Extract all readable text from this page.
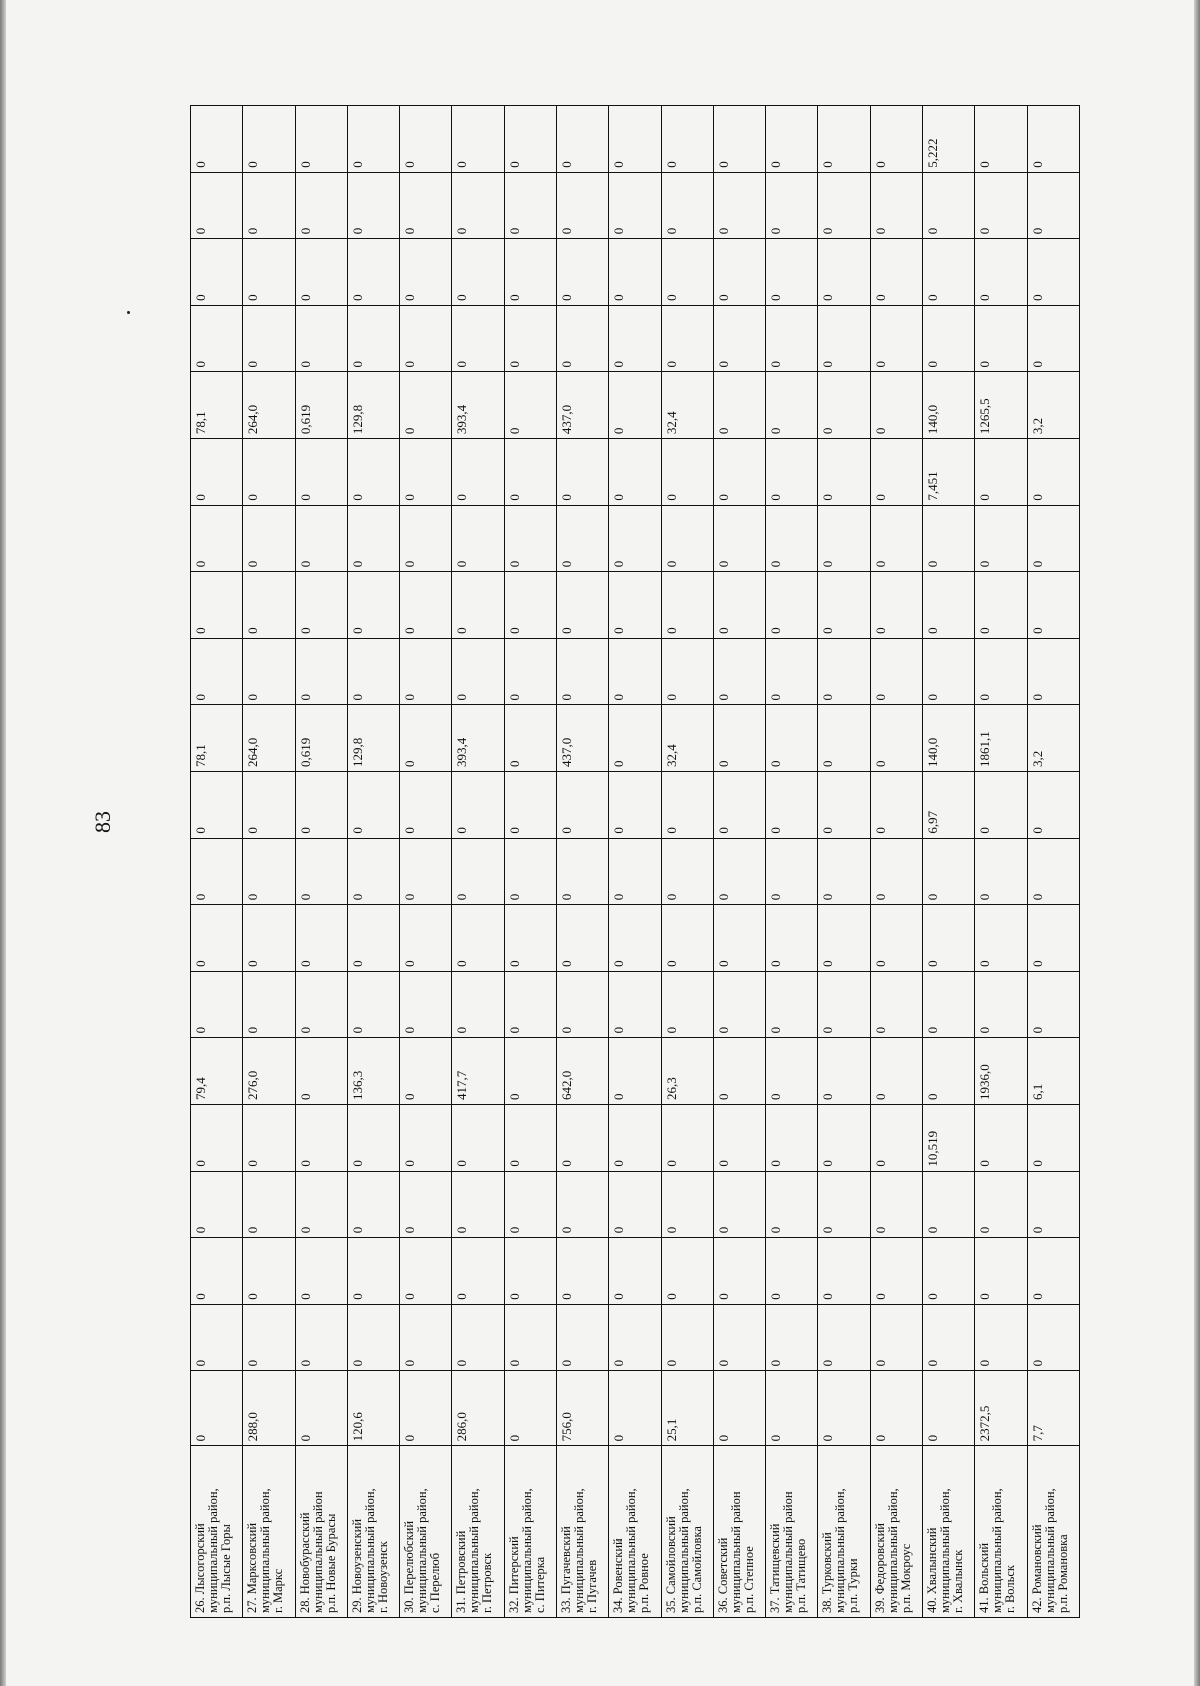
83
26. Лысогорский
муниципальный район,
р.п. Лысые Горы	0	0	0	0	0	79,4	0	0	0	0	78,1	0	0	0	0	78,1	0	0	0	0
27. Марксовский
муниципальный район,
г. Маркс	288,0	0	0	0	0	276,0	0	0	0	0	264,0	0	0	0	0	264,0	0	0	0	0
28. Новобурасский
муниципальный район
р.п. Новые Бурасы	0	0	0	0	0	0	0	0	0	0	0,619	0	0	0	0	0,619	0	0	0	0
29. Новоузенский
муниципальный район,
г. Новоузенск	120,6	0	0	0	0	136,3	0	0	0	0	129,8	0	0	0	0	129,8	0	0	0	0
30. Перелюбский
муниципальный район,
с. Перелюб	0	0	0	0	0	0	0	0	0	0	0	0	0	0	0	0	0	0	0	0
31. Петровский
муниципальный район,
г. Петровск	286,0	0	0	0	0	417,7	0	0	0	0	393,4	0	0	0	0	393,4	0	0	0	0
32. Питерский
муниципальный район,
с. Питерка	0	0	0	0	0	0	0	0	0	0	0	0	0	0	0	0	0	0	0	0
33. Пугачевский
муниципальный район,
г. Пугачев	756,0	0	0	0	0	642,0	0	0	0	0	437,0	0	0	0	0	437,0	0	0	0	0
34. Ровенский
муниципальный район,
р.п. Ровное	0	0	0	0	0	0	0	0	0	0	0	0	0	0	0	0	0	0	0	0
35. Самойловский
муниципальный район,
р.п. Самойловка	25,1	0	0	0	0	26,3	0	0	0	0	32,4	0	0	0	0	32,4	0	0	0	0
36. Советский
муниципальный район
р.п. Степное	0	0	0	0	0	0	0	0	0	0	0	0	0	0	0	0	0	0	0	0
37. Татищевский
муниципальный район
р.п. Татищево	0	0	0	0	0	0	0	0	0	0	0	0	0	0	0	0	0	0	0	0
38. Турковский
муниципальный район,
р.п. Турки	0	0	0	0	0	0	0	0	0	0	0	0	0	0	0	0	0	0	0	0
39. Федоровский
муниципальный район,
р.п. Мокроус	0	0	0	0	0	0	0	0	0	0	0	0	0	0	0	0	0	0	0	0
40. Хвалынский
муниципальный район,
г. Хвалынск	0	0	0	0	10,519	0	0	0	0	6,97	140,0	0	0	0	7,451	140,0	0	0	0	5,222
41. Вольский
муниципальный район,
г. Вольск	2372,5	0	0	0	0	1936,0	0	0	0	0	1861,1	0	0	0	0	1265,5	0	0	0	0
42. Романовский
муниципальный район,
р.п. Романовка	7,7	0	0	0	0	6,1	0	0	0	0	3,2	0	0	0	0	3,2	0	0	0	0
